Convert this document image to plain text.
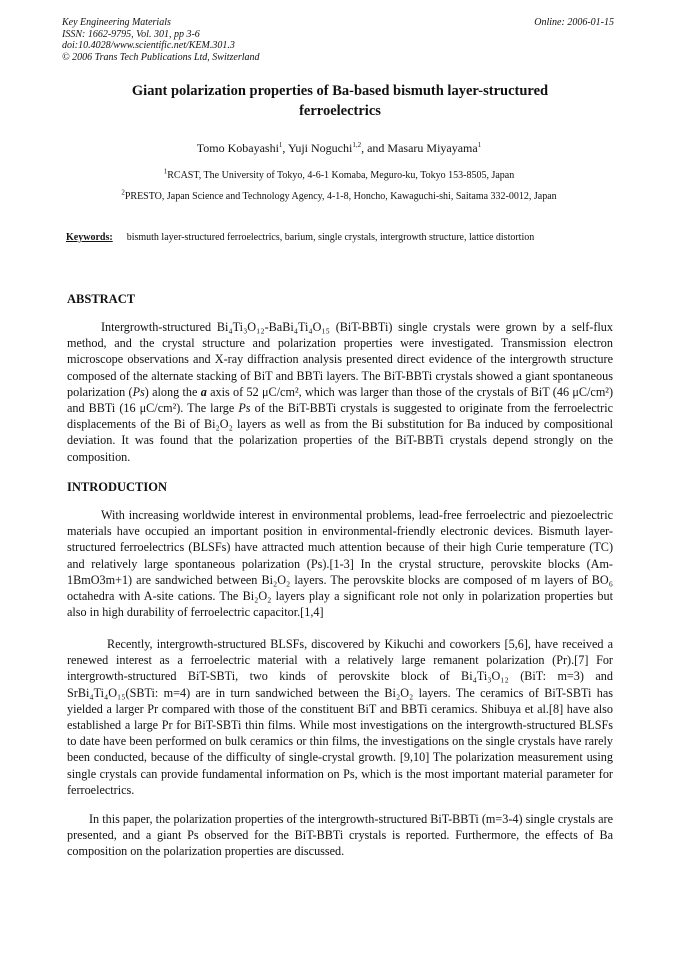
Key Engineering Materials
ISSN: 1662-9795, Vol. 301, pp 3-6
doi:10.4028/www.scientific.net/KEM.301.3
© 2006 Trans Tech Publications Ltd, Switzerland
Online: 2006-01-15
Giant polarization properties of Ba-based bismuth layer-structured ferroelectrics
Tomo Kobayashi$^1$, Yuji Noguchi$^{1,2}$, and Masaru Miyayama$^1$
$^1$RCAST, The University of Tokyo, 4-6-1 Komaba, Meguro-ku, Tokyo 153-8505, Japan
$^2$PRESTO, Japan Science and Technology Agency, 4-1-8, Honcho, Kawaguchi-shi, Saitama 332-0012, Japan
Keywords: bismuth layer-structured ferroelectrics, barium, single crystals, intergrowth structure, lattice distortion
ABSTRACT
Intergrowth-structured Bi₄Ti₃O₁₂-BaBi₄Ti₄O₁₅ (BiT-BBTi) single crystals were grown by a self-flux method, and the crystal structure and polarization properties were investigated. Transmission electron microscope observations and X-ray diffraction analysis presented direct evidence of the intergrowth structure composed of the alternate stacking of BiT and BBTi layers. The BiT-BBTi crystals showed a giant spontaneous polarization (Ps) along the a axis of 52 μC/cm², which was larger than those of the crystals of BiT (46 μC/cm²) and BBTi (16 μC/cm²). The large Ps of the BiT-BBTi crystals is suggested to originate from the ferroelectric displacements of the Bi of Bi₂O₂ layers as well as from the Bi substitution for Ba induced by compositional deviation. It was found that the polarization properties of the BiT-BBTi crystals depend strongly on the composition.
INTRODUCTION
With increasing worldwide interest in environmental problems, lead-free ferroelectric and piezoelectric materials have occupied an important position in environmental-friendly electronic devices. Bismuth layer-structured ferroelectrics (BLSFs) have attracted much attention because of their high Curie temperature (TC) and relatively large spontaneous polarization (Ps).[1-3] In the crystal structure, perovskite blocks (Am-1BmO3m+1) are sandwiched between Bi₂O₂ layers. The perovskite blocks are composed of m layers of BO₆ octahedra with A-site cations. The Bi₂O₂ layers play a significant role not only in polarization properties but also in high durability of ferroelectric capacitor.[1,4]
Recently, intergrowth-structured BLSFs, discovered by Kikuchi and coworkers [5,6], have received a renewed interest as a ferroelectric material with a relatively large remanent polarization (Pr).[7] For intergrowth-structured BiT-SBTi, two kinds of perovskite block of Bi₄Ti₃O₁₂ (BiT: m=3) and SrBi₄Ti₄O₁₅(SBTi: m=4) are in turn sandwiched between the Bi₂O₂ layers. The ceramics of BiT-SBTi has yielded a larger Pr compared with those of the constituent BiT and BBTi ceramics. Shibuya et al.[8] have also established a large Pr for BiT-SBTi thin films. While most investigations on the intergrowth-structured BLSFs to date have been performed on bulk ceramics or thin films, the investigations on the single crystals have rarely been conducted, because of the difficulty of single-crystal growth. [9,10] The polarization measurement using single crystals can provide fundamental information on Ps, which is the most important material parameter for ferroelectrics.
In this paper, the polarization properties of the intergrowth-structured BiT-BBTi (m=3-4) single crystals are presented, and a giant Ps observed for the BiT-BBTi crystals is reported. Furthermore, the effects of Ba composition on the polarization properties are discussed.
